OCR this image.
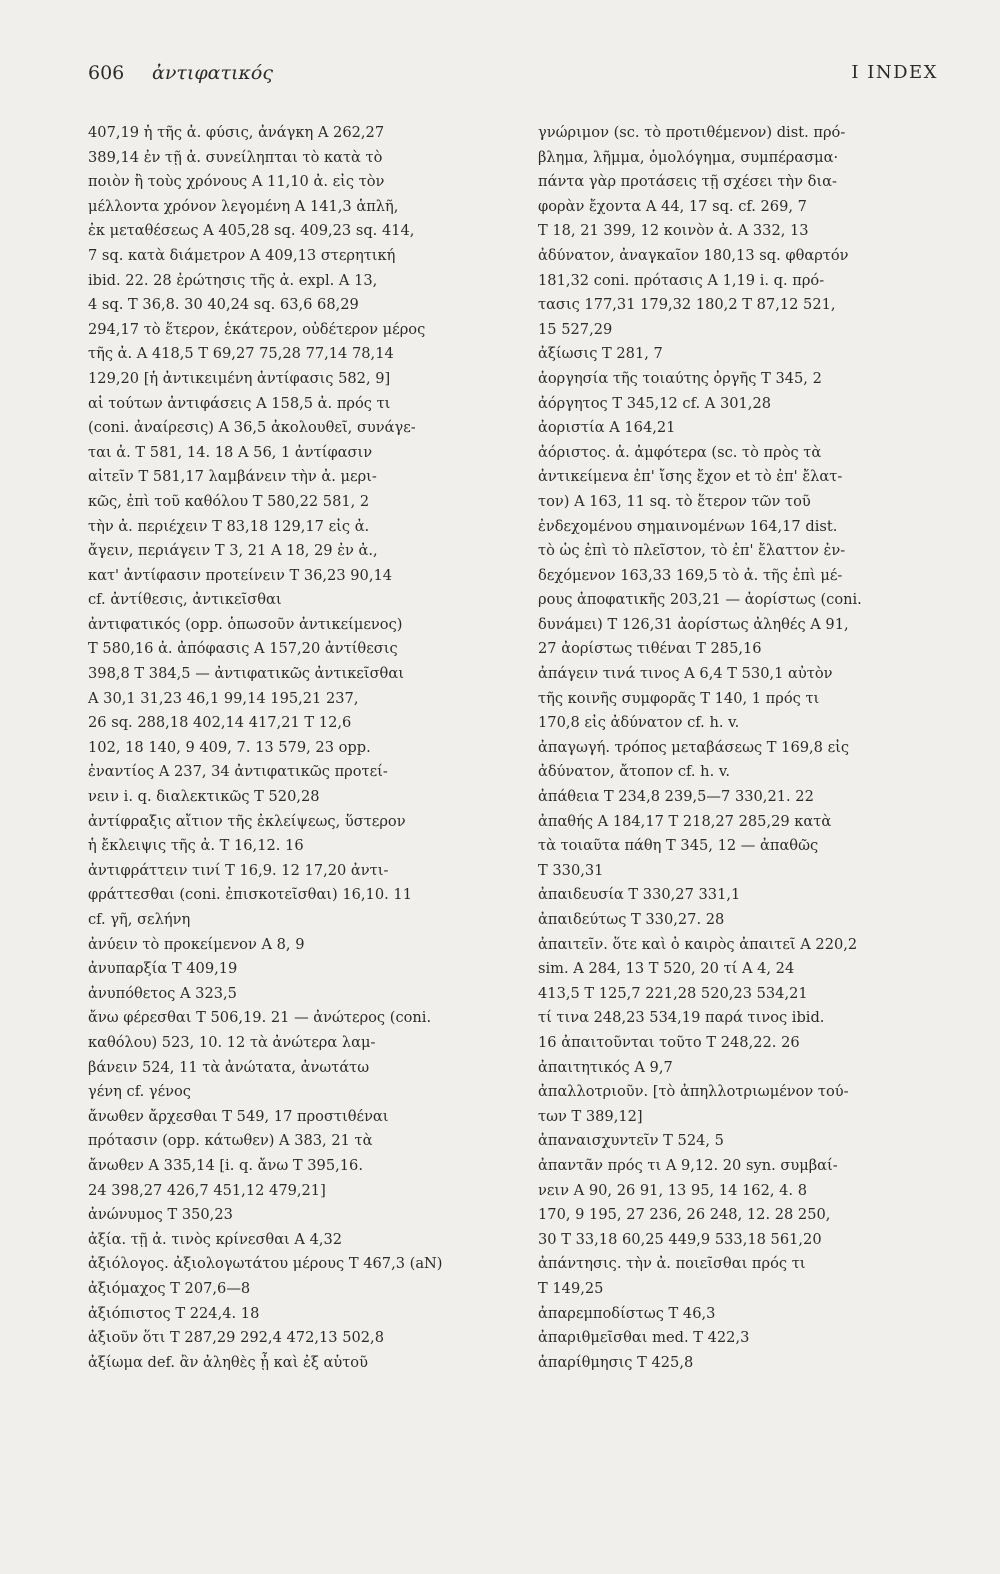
606 ἀντιφατικός	I INDEX

407,19 ἡ τῆς ἀ. φύσις, ἀνάγκη A 262,27

389,14 ἐν τῇ ἀ. συνείληπται τὸ κατὰ τὸ

ποιὸν ἢ τοὺς χρόνους A 11,10 ἀ. εἰς τὸν

μέλλοντα χρόνον λεγομένη A 141,3 ἁπλῆ,

ἐκ μεταθέσεως A 405,28 sq. 409,23 sq. 414,

7 sq. κατὰ διάμετρον A 409,13 στερητική

ibid. 22. 28 ἐρώτησις τῆς ἀ. expl. A 13,

4 sq. T 36,8. 30 40,24 sq. 63,6 68,29

294,17 τὸ ἕτερον, ἑκάτερον, οὐδέτερον μέρος

τῆς ἀ. A 418,5 T 69,27 75,28 77,14 78,14

129,20 [ἡ ἀντικειμένη ἀντίφασις 582, 9]

αἱ τούτων ἀντιφάσεις A 158,5 ἀ. πρός τι

(coni. ἀναίρεσις) A 36,5 ἀκολουθεῖ, συνάγε-

ται ἀ. T 581, 14. 18 A 56, 1 ἀντίφασιν

αἰτεῖν T 581,17 λαμβάνειν τὴν ἀ. μερι-

κῶς, ἐπὶ τοῦ καθόλου T 580,22 581, 2

τὴν ἀ. περιέχειν T 83,18 129,17 εἰς ἀ.

ἄγειν, περιάγειν T 3, 21 A 18, 29 ἐν ἀ.,

κατ' ἀντίφασιν προτείνειν T 36,23 90,14

cf. ἀντίθεσις, ἀντικεῖσθαι

ἀντιφατικός (opp. ὁπωσοῦν ἀντικείμενος)

T 580,16 ἀ. ἀπόφασις A 157,20 ἀντίθεσις

398,8 T 384,5 — ἀντιφατικῶς ἀντικεῖσθαι

A 30,1 31,23 46,1 99,14 195,21 237,

26 sq. 288,18 402,14 417,21 T 12,6

102, 18 140, 9 409, 7. 13 579, 23 opp.

ἐναντίος A 237, 34 ἀντιφατικῶς προτεί-

νειν i. q. διαλεκτικῶς T 520,28

ἀντίφραξις αἴτιον τῆς ἐκλείψεως, ὕστερον

ἡ ἔκλειψις τῆς ἀ. T 16,12. 16

ἀντιφράττειν τινί T 16,9. 12 17,20 ἀντι-

φράττεσθαι (coni. ἐπισκοτεῖσθαι) 16,10. 11

cf. γῆ, σελήνη

ἀνύειν τὸ προκείμενον A 8, 9

ἀνυπαρξία T 409,19

ἀνυπόθετος A 323,5

ἄνω φέρεσθαι T 506,19. 21 — ἀνώτερος (coni.

καθόλου) 523, 10. 12 τὰ ἀνώτερα λαμ-

βάνειν 524, 11 τὰ ἀνώτατα, ἀνωτάτω

γένη cf. γένος

ἄνωθεν ἄρχεσθαι T 549, 17 προστιθέναι

πρότασιν (opp. κάτωθεν) A 383, 21 τὰ

ἄνωθεν A 335,14 [i. q. ἄνω T 395,16.

24 398,27 426,7 451,12 479,21]

ἀνώνυμος T 350,23

ἀξία. τῇ ἀ. τινὸς κρίνεσθαι A 4,32

ἀξιόλογος. ἀξιολογωτάτου μέρους T 467,3 (aN)

ἀξιόμαχος T 207,6—8

ἀξιόπιστος T 224,4. 18

ἀξιοῦν ὅτι T 287,29 292,4 472,13 502,8

ἀξίωμα def. ἂν ἀληθὲς ᾖ καὶ ἐξ αὑτοῦ

γνώριμον (sc. τὸ προτιθέμενον) dist. πρό-

βλημα, λῆμμα, ὁμολόγημα, συμπέρασμα·

πάντα γὰρ προτάσεις τῇ σχέσει τὴν δια-

φορὰν ἔχοντα A 44, 17 sq. cf. 269, 7

T 18, 21 399, 12 κοινὸν ἀ. A 332, 13

ἀδύνατον, ἀναγκαῖον 180,13 sq. φθαρτόν

181,32 coni. πρότασις A 1,19 i. q. πρό-

τασις 177,31 179,32 180,2 T 87,12 521,

15 527,29

ἀξίωσις T 281, 7

ἀοργησία τῆς τοιαύτης ὀργῆς T 345, 2

ἀόργητος T 345,12 cf. A 301,28

ἀοριστία A 164,21

ἀόριστος. ἀ. ἀμφότερα (sc. τὸ πρὸς τὰ

ἀντικείμενα ἐπ' ἴσης ἔχον et τὸ ἐπ' ἔλατ-

τον) A 163, 11 sq. τὸ ἕτερον τῶν τοῦ

ἐνδεχομένου σημαινομένων 164,17 dist.

τὸ ὡς ἐπὶ τὸ πλεῖστον, τὸ ἐπ' ἔλαττον ἐν-

δεχόμενον 163,33 169,5 τὸ ἀ. τῆς ἐπὶ μέ-

ρους ἀποφατικῆς 203,21 — ἀορίστως (coni.

δυνάμει) T 126,31 ἀορίστως ἀληθές A 91,

27 ἀορίστως τιθέναι T 285,16

ἀπάγειν τινά τινος A 6,4 T 530,1 αὐτὸν

τῆς κοινῆς συμφορᾶς T 140, 1 πρός τι

170,8 εἰς ἀδύνατον cf. h. v.

ἀπαγωγή. τρόπος μεταβάσεως T 169,8 εἰς

ἀδύνατον, ἄτοπον cf. h. v.

ἀπάθεια T 234,8 239,5—7 330,21. 22

ἀπαθής A 184,17 T 218,27 285,29 κατὰ

τὰ τοιαῦτα πάθη T 345, 12 — ἀπαθῶς

T 330,31

ἀπαιδευσία T 330,27 331,1

ἀπαιδεύτως T 330,27. 28

ἀπαιτεῖν. ὅτε καὶ ὁ καιρὸς ἀπαιτεῖ A 220,2

sim. A 284, 13 T 520, 20 τί A 4, 24

413,5 T 125,7 221,28 520,23 534,21

τί τινα 248,23 534,19 παρά τινος ibid.

16 ἀπαιτοῦνται τοῦτο T 248,22. 26

ἀπαιτητικός A 9,7

ἀπαλλοτριοῦν. [τὸ ἀπηλλοτριωμένον τού-

των T 389,12]

ἀπαναισχυντεῖν T 524, 5

ἀπαντᾶν πρός τι A 9,12. 20 syn. συμβαί-

νειν A 90, 26 91, 13 95, 14 162, 4. 8

170, 9 195, 27 236, 26 248, 12. 28 250,

30 T 33,18 60,25 449,9 533,18 561,20

ἀπάντησις. τὴν ἀ. ποιεῖσθαι πρός τι

T 149,25

ἀπαρεμποδίστως T 46,3

ἀπαριθμεῖσθαι med. T 422,3

ἀπαρίθμησις T 425,8
